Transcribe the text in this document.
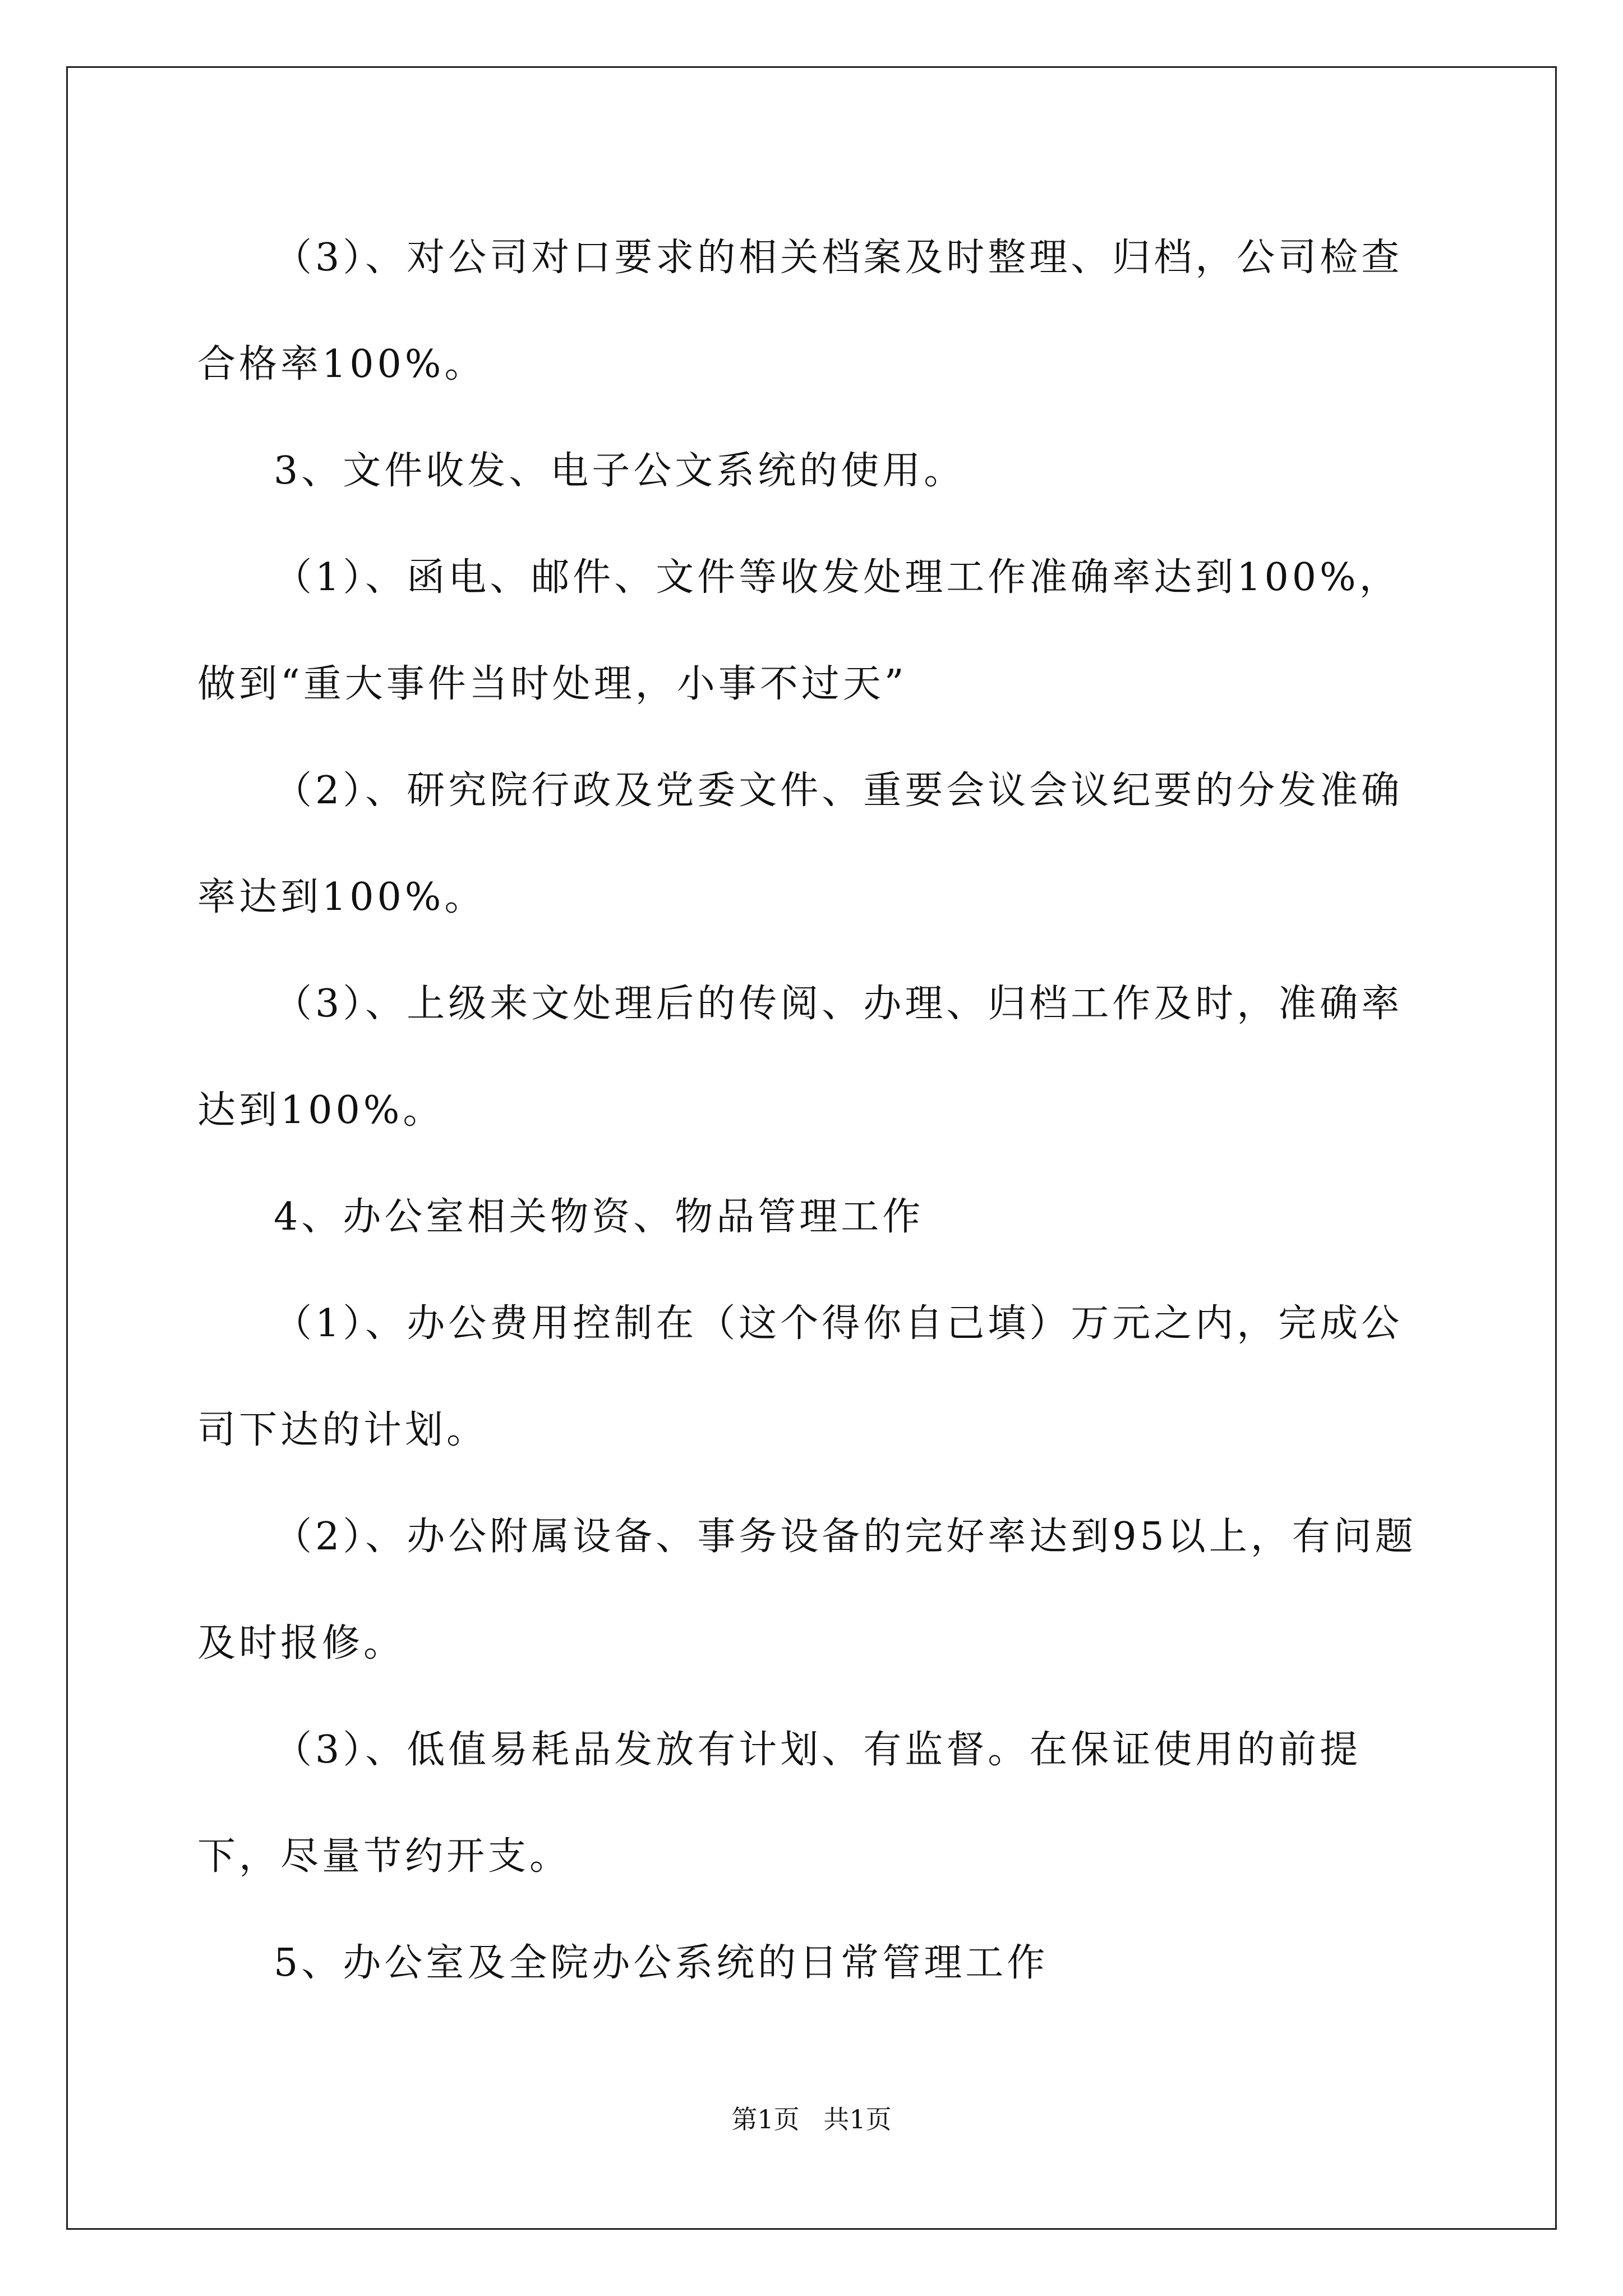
（3）、对公司对口要求的相关档案及时整理、归档，公司检查合格率100%。

3、文件收发、电子公文系统的使用。

（1）、函电、邮件、文件等收发处理工作准确率达到100%，做到“重大事件当时处理，小事不过天”

（2）、研究院行政及党委文件、重要会议会议纪要的分发准确率达到100%。

（3）、上级来文处理后的传阅、办理、归档工作及时，准确率达到100%。

4、办公室相关物资、物品管理工作

（1）、办公费用控制在（这个得你自己填）万元之内，完成公司下达的计划。

（2）、办公附属设备、事务设备的完好率达到95以上，有问题及时报修。

（3）、低值易耗品发放有计划、有监督。在保证使用的前提下，尽量节约开支。

5、办公室及全院办公系统的日常管理工作

第1页 共1页
